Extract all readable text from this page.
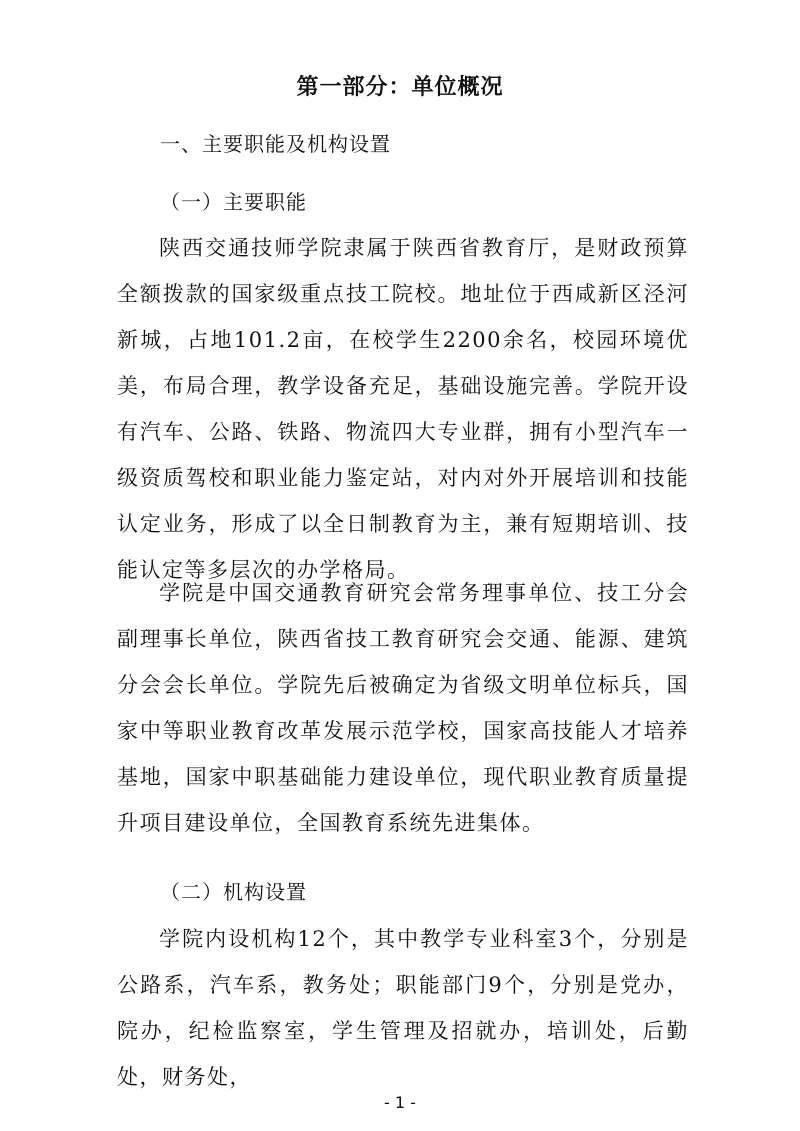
第一部分：单位概况
一、主要职能及机构设置
（一）主要职能

陕西交通技师学院隶属于陕西省教育厅，是财政预算全额拨款的国家级重点技工院校。地址位于西咸新区泾河新城，占地101.2亩，在校学生2200余名，校园环境优美，布局合理，教学设备充足，基础设施完善。学院开设有汽车、公路、铁路、物流四大专业群，拥有小型汽车一级资质驾校和职业能力鉴定站，对内对外开展培训和技能认定业务，形成了以全日制教育为主，兼有短期培训、技能认定等多层次的办学格局。

学院是中国交通教育研究会常务理事单位、技工分会副理事长单位，陕西省技工教育研究会交通、能源、建筑分会会长单位。学院先后被确定为省级文明单位标兵，国家中等职业教育改革发展示范学校，国家高技能人才培养基地，国家中职基础能力建设单位，现代职业教育质量提升项目建设单位，全国教育系统先进集体。

（二）机构设置

学院内设机构12个，其中教学专业科室3个，分别是公路系，汽车系，教务处；职能部门9个，分别是党办，院办，纪检监察室，学生管理及招就办，培训处，后勤处，财务处，

- 1 -
